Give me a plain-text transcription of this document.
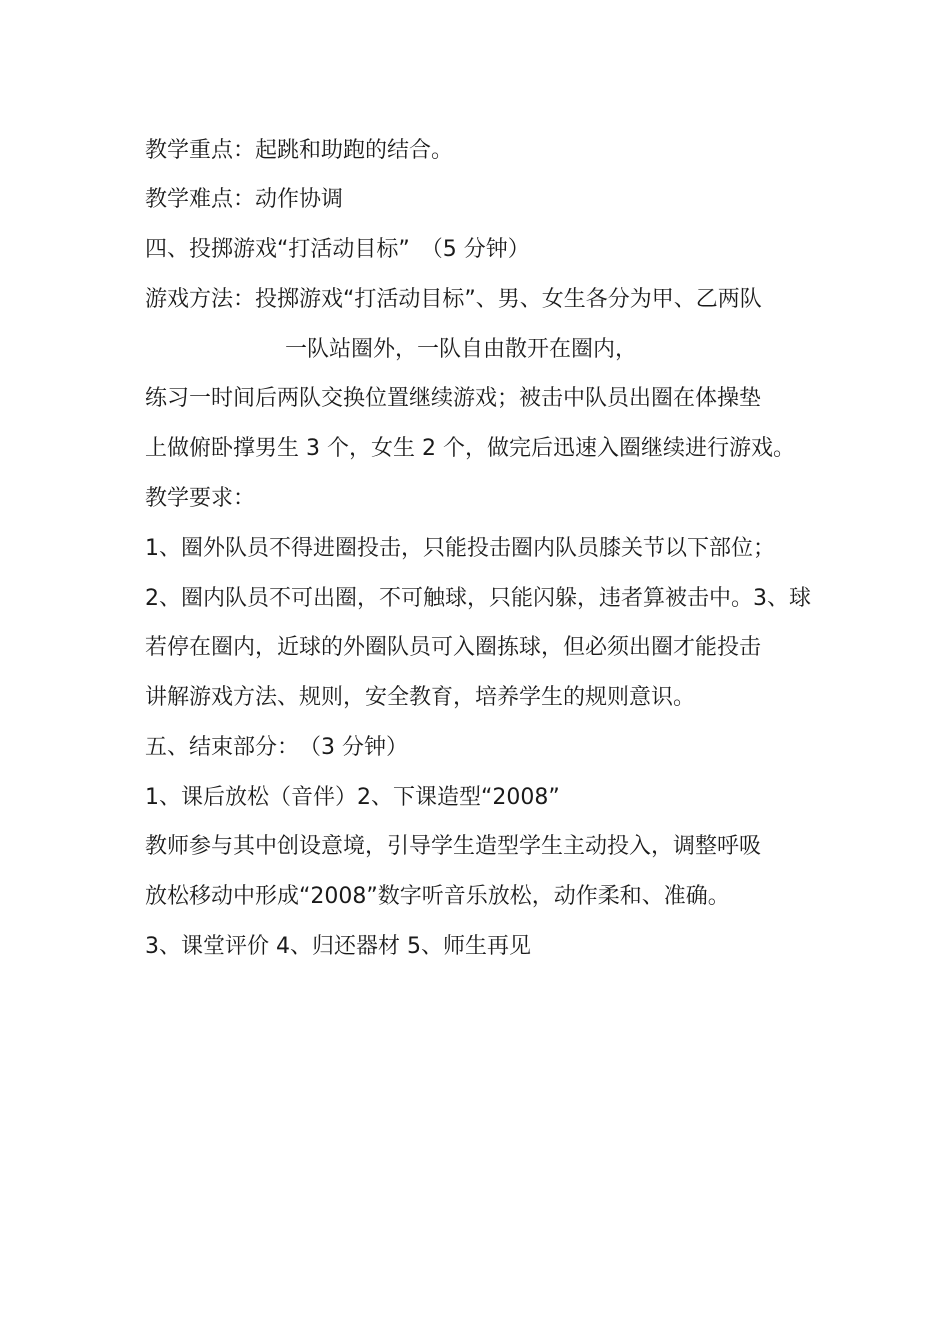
教学重点：起跳和助跑的结合。
教学难点：动作协调
四、投掷游戏“打活动目标”　（5 分钟）
游戏方法：投掷游戏“打活动目标”、男、女生各分为甲、乙两队
一队站圈外，一队自由散开在圈内，
练习一时间后两队交换位置继续游戏；被击中队员出圈在体操垫
上做俯卧撑男生 3 个，女生 2 个，做完后迅速入圈继续进行游戏。
教学要求：
1、圈外队员不得进圈投击，只能投击圈内队员膝关节以下部位；
2、圈内队员不可出圈，不可触球，只能闪躲，违者算被击中。3、球
若停在圈内，近球的外圈队员可入圈拣球，但必须出圈才能投击
讲解游戏方法、规则，安全教育，培养学生的规则意识。
五、结束部分：　（3 分钟）
1、课后放松（音伴）2、下课造型“2008”
教师参与其中创设意境，引导学生造型学生主动投入，调整呼吸
放松移动中形成“2008”数字听音乐放松，动作柔和、准确。
3、课堂评价 4、归还器材 5、师生再见
